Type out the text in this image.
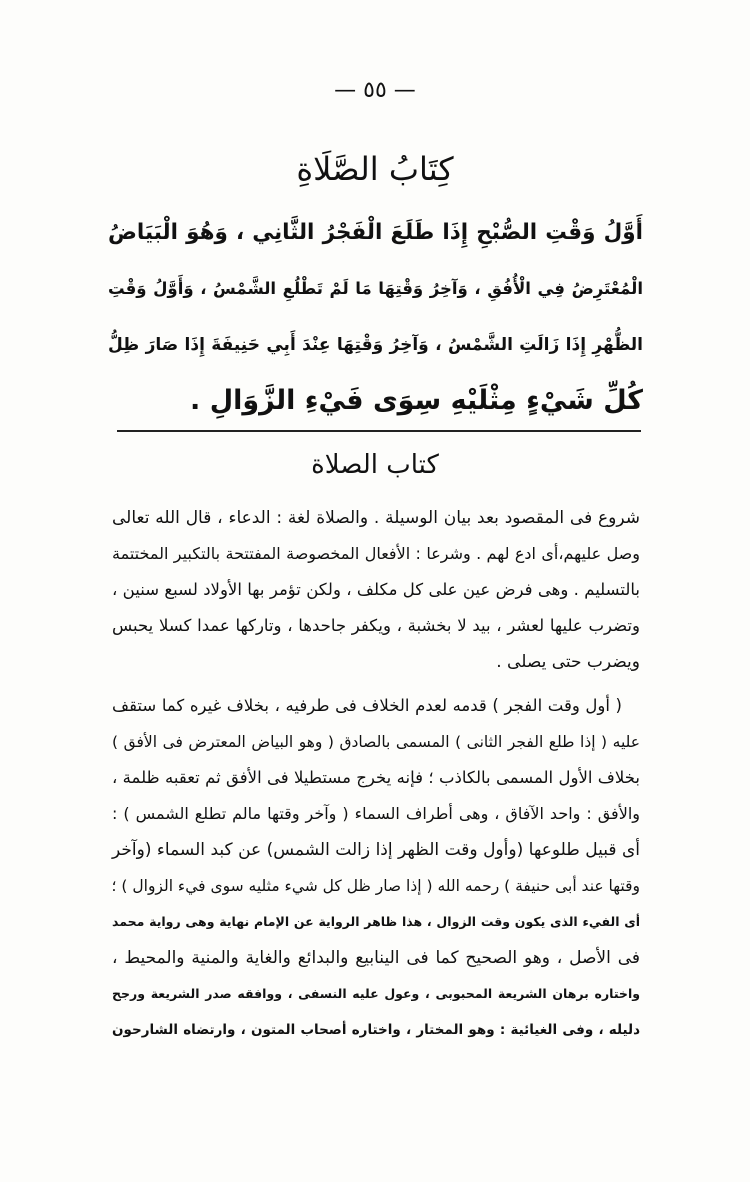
— ٥٥ —
كِتَابُ الصَّلَاةِ
أَوَّلُ وَقْتِ الصُّبْحِ إِذَا طَلَعَ الْفَجْرُ الثَّانِي ، وَهُوَ الْبَيَاضُ
الْمُعْتَرِضُ فِي الْأُفُقِ ، وَآخِرُ وَقْتِهَا مَا لَمْ تَطْلُعِ الشَّمْسُ ، وَأَوَّلُ وَقْتِ
الظُّهْرِ إِذَا زَالَتِ الشَّمْسُ ، وَآخِرُ وَقْتِهَا عِنْدَ أَبِي حَنِيفَةَ إِذَا صَارَ ظِلُّ
كُلِّ شَيْءٍ مِثْلَيْهِ سِوَى فَيْءِ الزَّوَالِ .
كتاب الصلاة
شروع فى المقصود بعد بيان الوسيلة . والصلاة لغة : الدعاء ، قال الله تعالى
وصل عليهم،أى ادع لهم . وشرعا : الأفعال المخصوصة المفتتحة بالتكبير المختتمة
بالتسليم . وهى فرض عين على كل مكلف ، ولكن تؤمر بها الأولاد لسبع سنين ،
وتضرب عليها لعشر ، بيد لا بخشبة ، ويكفر جاحدها ، وتاركها عمدا كسلا يحبس
ويضرب حتى يصلى .
( أول وقت الفجر ) قدمه لعدم الخلاف فى طرفيه ، بخلاف غيره كما ستقف
عليه ( إذا طلع الفجر الثانى ) المسمى بالصادق ( وهو البياض المعترض فى الأفق )
بخلاف الأول المسمى بالكاذب ؛ فإنه يخرج مستطيلا فى الأفق ثم تعقبه ظلمة ،
والأفق : واحد الآفاق ، وهى أطراف السماء ( وآخر وقتها مالم تطلع الشمس ) :
أى قبيل طلوعها (وأول وقت الظهر إذا زالت الشمس) عن كبد السماء (وآخر
وقتها عند أبى حنيفة ) رحمه الله ( إذا صار ظل كل شيء مثليه سوى فيء الزوال ) ؛
أى الفيء الذى يكون وقت الزوال ، هذا ظاهر الرواية عن الإمام نهاية وهى رواية محمد
فى الأصل ، وهو الصحيح كما فى الينابيع والبدائع والغاية والمنية والمحيط ،
واختاره برهان الشريعة المحبوبى ، وعول عليه النسفى ، ووافقه صدر الشريعة ورجح
دليله ، وفى الغيائية : وهو المختار ، واختاره أصحاب المتون ، وارتضاه الشارحون
